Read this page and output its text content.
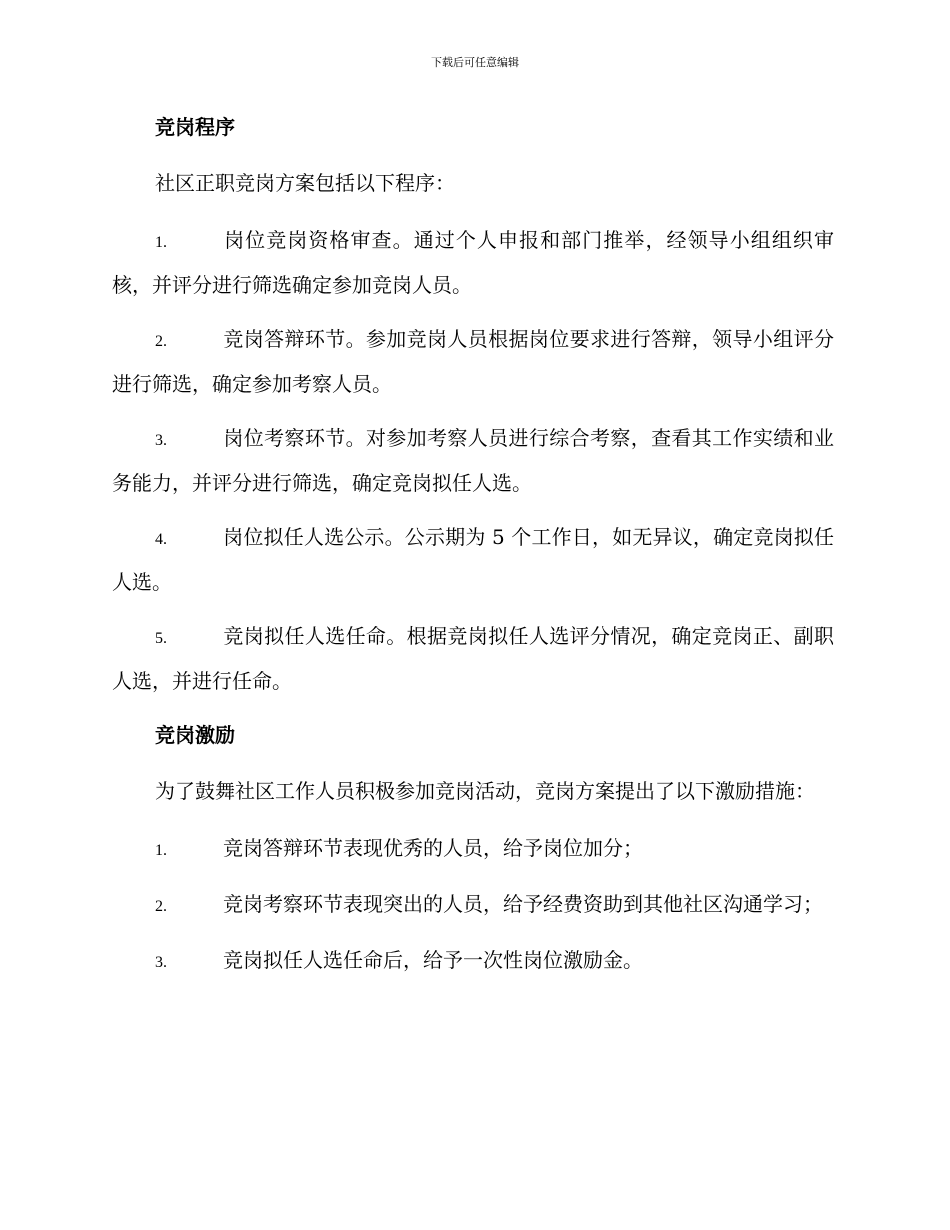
下载后可任意编辑
竞岗程序

社区正职竞岗方案包括以下程序：

1.	岗位竞岗资格审查。通过个人申报和部门推举，经领导小组组织审核，并评分进行筛选确定参加竞岗人员。

2.	竞岗答辩环节。参加竞岗人员根据岗位要求进行答辩，领导小组评分进行筛选，确定参加考察人员。

3.	岗位考察环节。对参加考察人员进行综合考察，查看其工作实绩和业务能力，并评分进行筛选，确定竞岗拟任人选。

4.	岗位拟任人选公示。公示期为 5 个工作日，如无异议，确定竞岗拟任人选。

5.	竞岗拟任人选任命。根据竞岗拟任人选评分情况，确定竞岗正、副职人选，并进行任命。

竞岗激励

为了鼓舞社区工作人员积极参加竞岗活动，竞岗方案提出了以下激励措施：

1.	竞岗答辩环节表现优秀的人员，给予岗位加分；

2.	竞岗考察环节表现突出的人员，给予经费资助到其他社区沟通学习；

3.	竞岗拟任人选任命后，给予一次性岗位激励金。
